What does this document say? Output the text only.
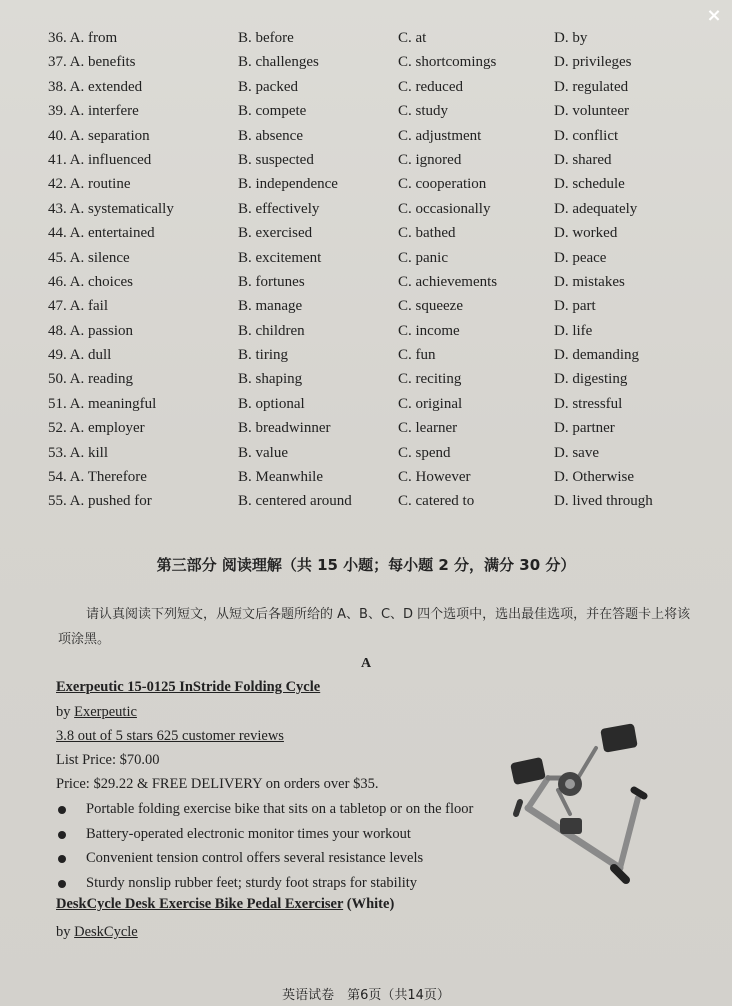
×
36. A. from	B. before	C. at	D. by
37. A. benefits	B. challenges	C. shortcomings	D. privileges
38. A. extended	B. packed	C. reduced	D. regulated
39. A. interfere	B. compete	C. study	D. volunteer
40. A. separation	B. absence	C. adjustment	D. conflict
41. A. influenced	B. suspected	C. ignored	D. shared
42. A. routine	B. independence	C. cooperation	D. schedule
43. A. systematically	B. effectively	C. occasionally	D. adequately
44. A. entertained	B. exercised	C. bathed	D. worked
45. A. silence	B. excitement	C. panic	D. peace
46. A. choices	B. fortunes	C. achievements	D. mistakes
47. A. fail	B. manage	C. squeeze	D. part
48. A. passion	B. children	C. income	D. life
49. A. dull	B. tiring	C. fun	D. demanding
50. A. reading	B. shaping	C. reciting	D. digesting
51. A. meaningful	B. optional	C. original	D. stressful
52. A. employer	B. breadwinner	C. learner	D. partner
53. A. kill	B. value	C. spend	D. save
54. A. Therefore	B. Meanwhile	C. However	D. Otherwise
55. A. pushed for	B. centered around	C. catered to	D. lived through
第三部分 阅读理解（共 15 小题；每小题 2 分，满分 30 分）
请认真阅读下列短文，从短文后各题所给的 A、B、C、D 四个选项中，选出最佳选项，并在答题卡上将该项涂黑。
A
Exerpeutic 15-0125 InStride Folding Cycle
by Exerpeutic
3.8 out of 5 stars 625 customer reviews
List Price: $70.00
Price: $29.22 & FREE DELIVERY on orders over $35.
Portable folding exercise bike that sits on a tabletop or on the floor
Battery-operated electronic monitor times your workout
Convenient tension control offers several resistance levels
Sturdy nonslip rubber feet; sturdy foot straps for stability
DeskCycle Desk Exercise Bike Pedal Exerciser (White)
by DeskCycle
英语试卷　第6页（共14页）
